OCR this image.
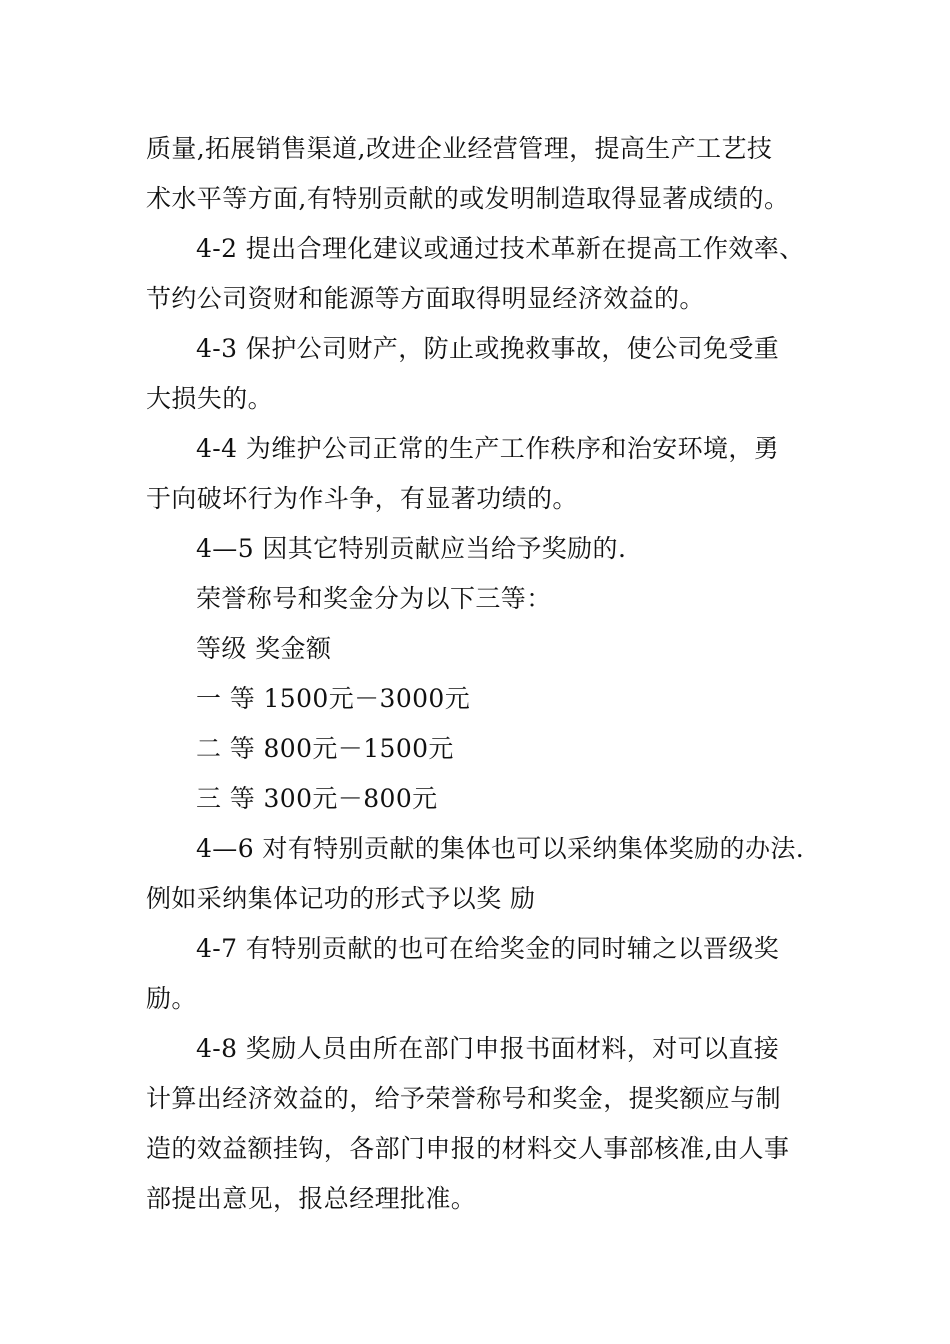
质量,拓展销售渠道,改进企业经营管理，提高生产工艺技
术水平等方面,有特别贡献的或发明制造取得显著成绩的。
4-2 提出合理化建议或通过技术革新在提高工作效率、
节约公司资财和能源等方面取得明显经济效益的。
4-3 保护公司财产，防止或挽救事故，使公司免受重
大损失的。
4-4 为维护公司正常的生产工作秩序和治安环境，勇
于向破坏行为作斗争，有显著功绩的。
4—5 因其它特别贡献应当给予奖励的.
荣誉称号和奖金分为以下三等：
等级 奖金额
一 等 1500元－3000元
二 等 800元－1500元
三 等 300元－800元
4—6 对有特别贡献的集体也可以采纳集体奖励的办法.
例如采纳集体记功的形式予以奖 励
4-7 有特别贡献的也可在给奖金的同时辅之以晋级奖
励。
4-8 奖励人员由所在部门申报书面材料，对可以直接
计算出经济效益的，给予荣誉称号和奖金，提奖额应与制
造的效益额挂钩，各部门申报的材料交人事部核准,由人事
部提出意见，报总经理批准。
